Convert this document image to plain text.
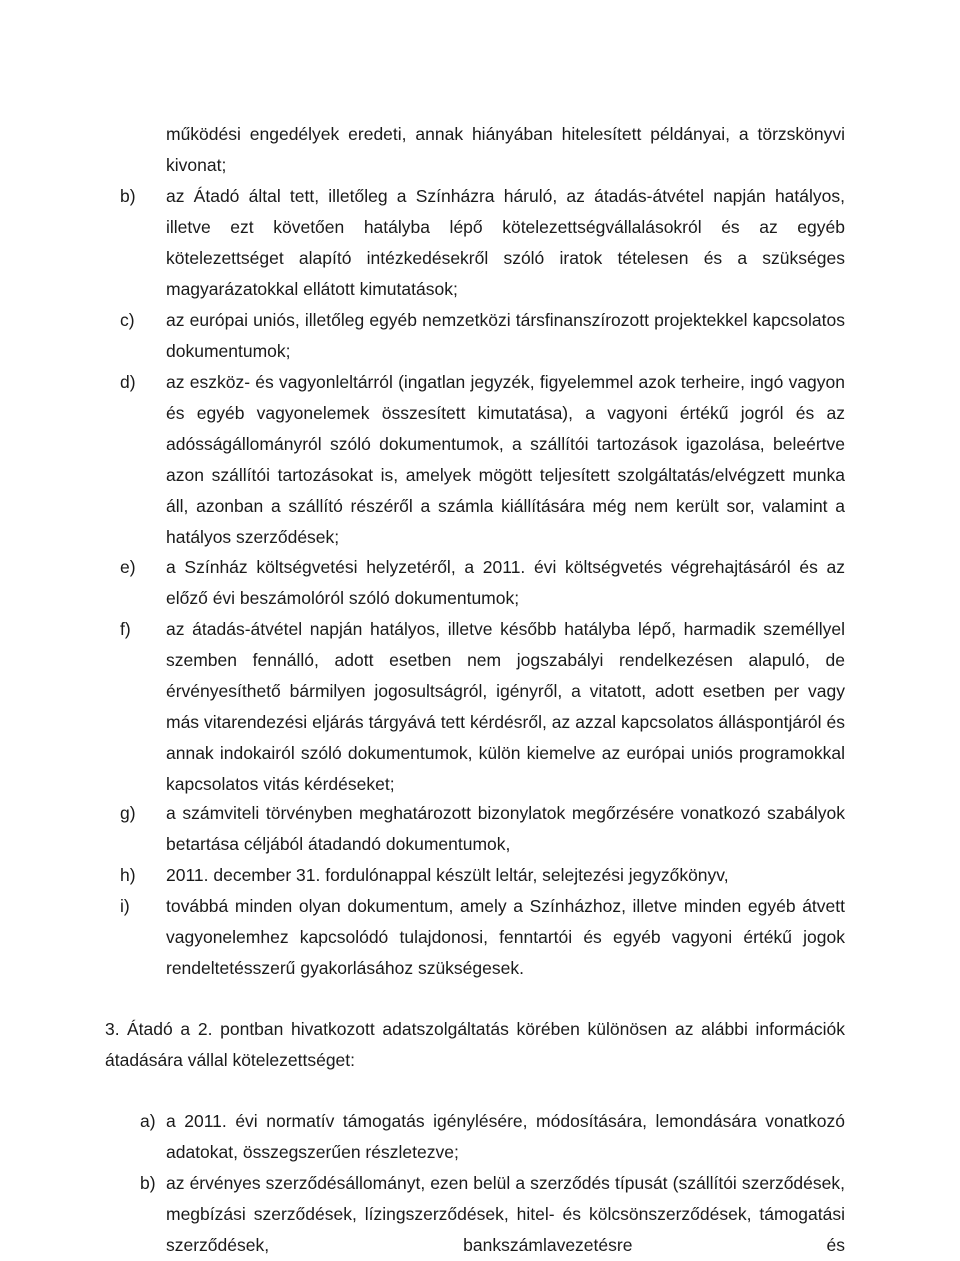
működési engedélyek eredeti, annak hiányában hitelesített példányai, a törzskönyvi kivonat;
b) az Átadó által tett, illetőleg a Színházra háruló, az átadás-átvétel napján hatályos, illetve ezt követően hatályba lépő kötelezettségvállalásokról és az egyéb kötelezettséget alapító intézkedésekről szóló iratok tételesen és a szükséges magyarázatokkal ellátott kimutatások;
c) az európai uniós, illetőleg egyéb nemzetközi társfinanszírozott projektekkel kapcsolatos dokumentumok;
d) az eszköz- és vagyonleltárról (ingatlan jegyzék, figyelemmel azok terheire, ingó vagyon és egyéb vagyonelemek összesített kimutatása), a vagyoni értékű jogról és az adósságállományról szóló dokumentumok, a szállítói tartozások igazolása, beleértve azon szállítói tartozásokat is, amelyek mögött teljesített szolgáltatás/elvégzett munka áll, azonban a szállító részéről a számla kiállítására még nem került sor, valamint a hatályos szerződések;
e) a Színház költségvetési helyzetéről, a 2011. évi költségvetés végrehajtásáról és az előző évi beszámolóról szóló dokumentumok;
f) az átadás-átvétel napján hatályos, illetve később hatályba lépő, harmadik személlyel szemben fennálló, adott esetben nem jogszabályi rendelkezésen alapuló, de érvényesíthető bármilyen jogosultságról, igényről, a vitatott, adott esetben per vagy más vitarendezési eljárás tárgyává tett kérdésről, az azzal kapcsolatos álláspontjáról és annak indokairól szóló dokumentumok, külön kiemelve az európai uniós programokkal kapcsolatos vitás kérdéseket;
g) a számviteli törvényben meghatározott bizonylatok megőrzésére vonatkozó szabályok betartása céljából átadandó dokumentumok,
h) 2011. december 31. fordulónappal készült leltár, selejtezési jegyzőkönyv,
i) továbbá minden olyan dokumentum, amely a Színházhoz, illetve minden egyéb átvett vagyonelemhez kapcsolódó tulajdonosi, fenntartói és egyéb vagyoni értékű jogok rendeltetésszerű gyakorlásához szükségesek.
3. Átadó a 2. pontban hivatkozott adatszolgáltatás körében különösen az alábbi információk átadására vállal kötelezettséget:
a) a 2011. évi normatív támogatás igénylésére, módosítására, lemondására vonatkozó adatokat, összegszerűen részletezve;
b) az érvényes szerződésállományt, ezen belül a szerződés típusát (szállítói szerződések, megbízási szerződések, lízingszerződések, hitel- és kölcsönszerződések, támogatási szerződések, bankszámlavezetésre és
